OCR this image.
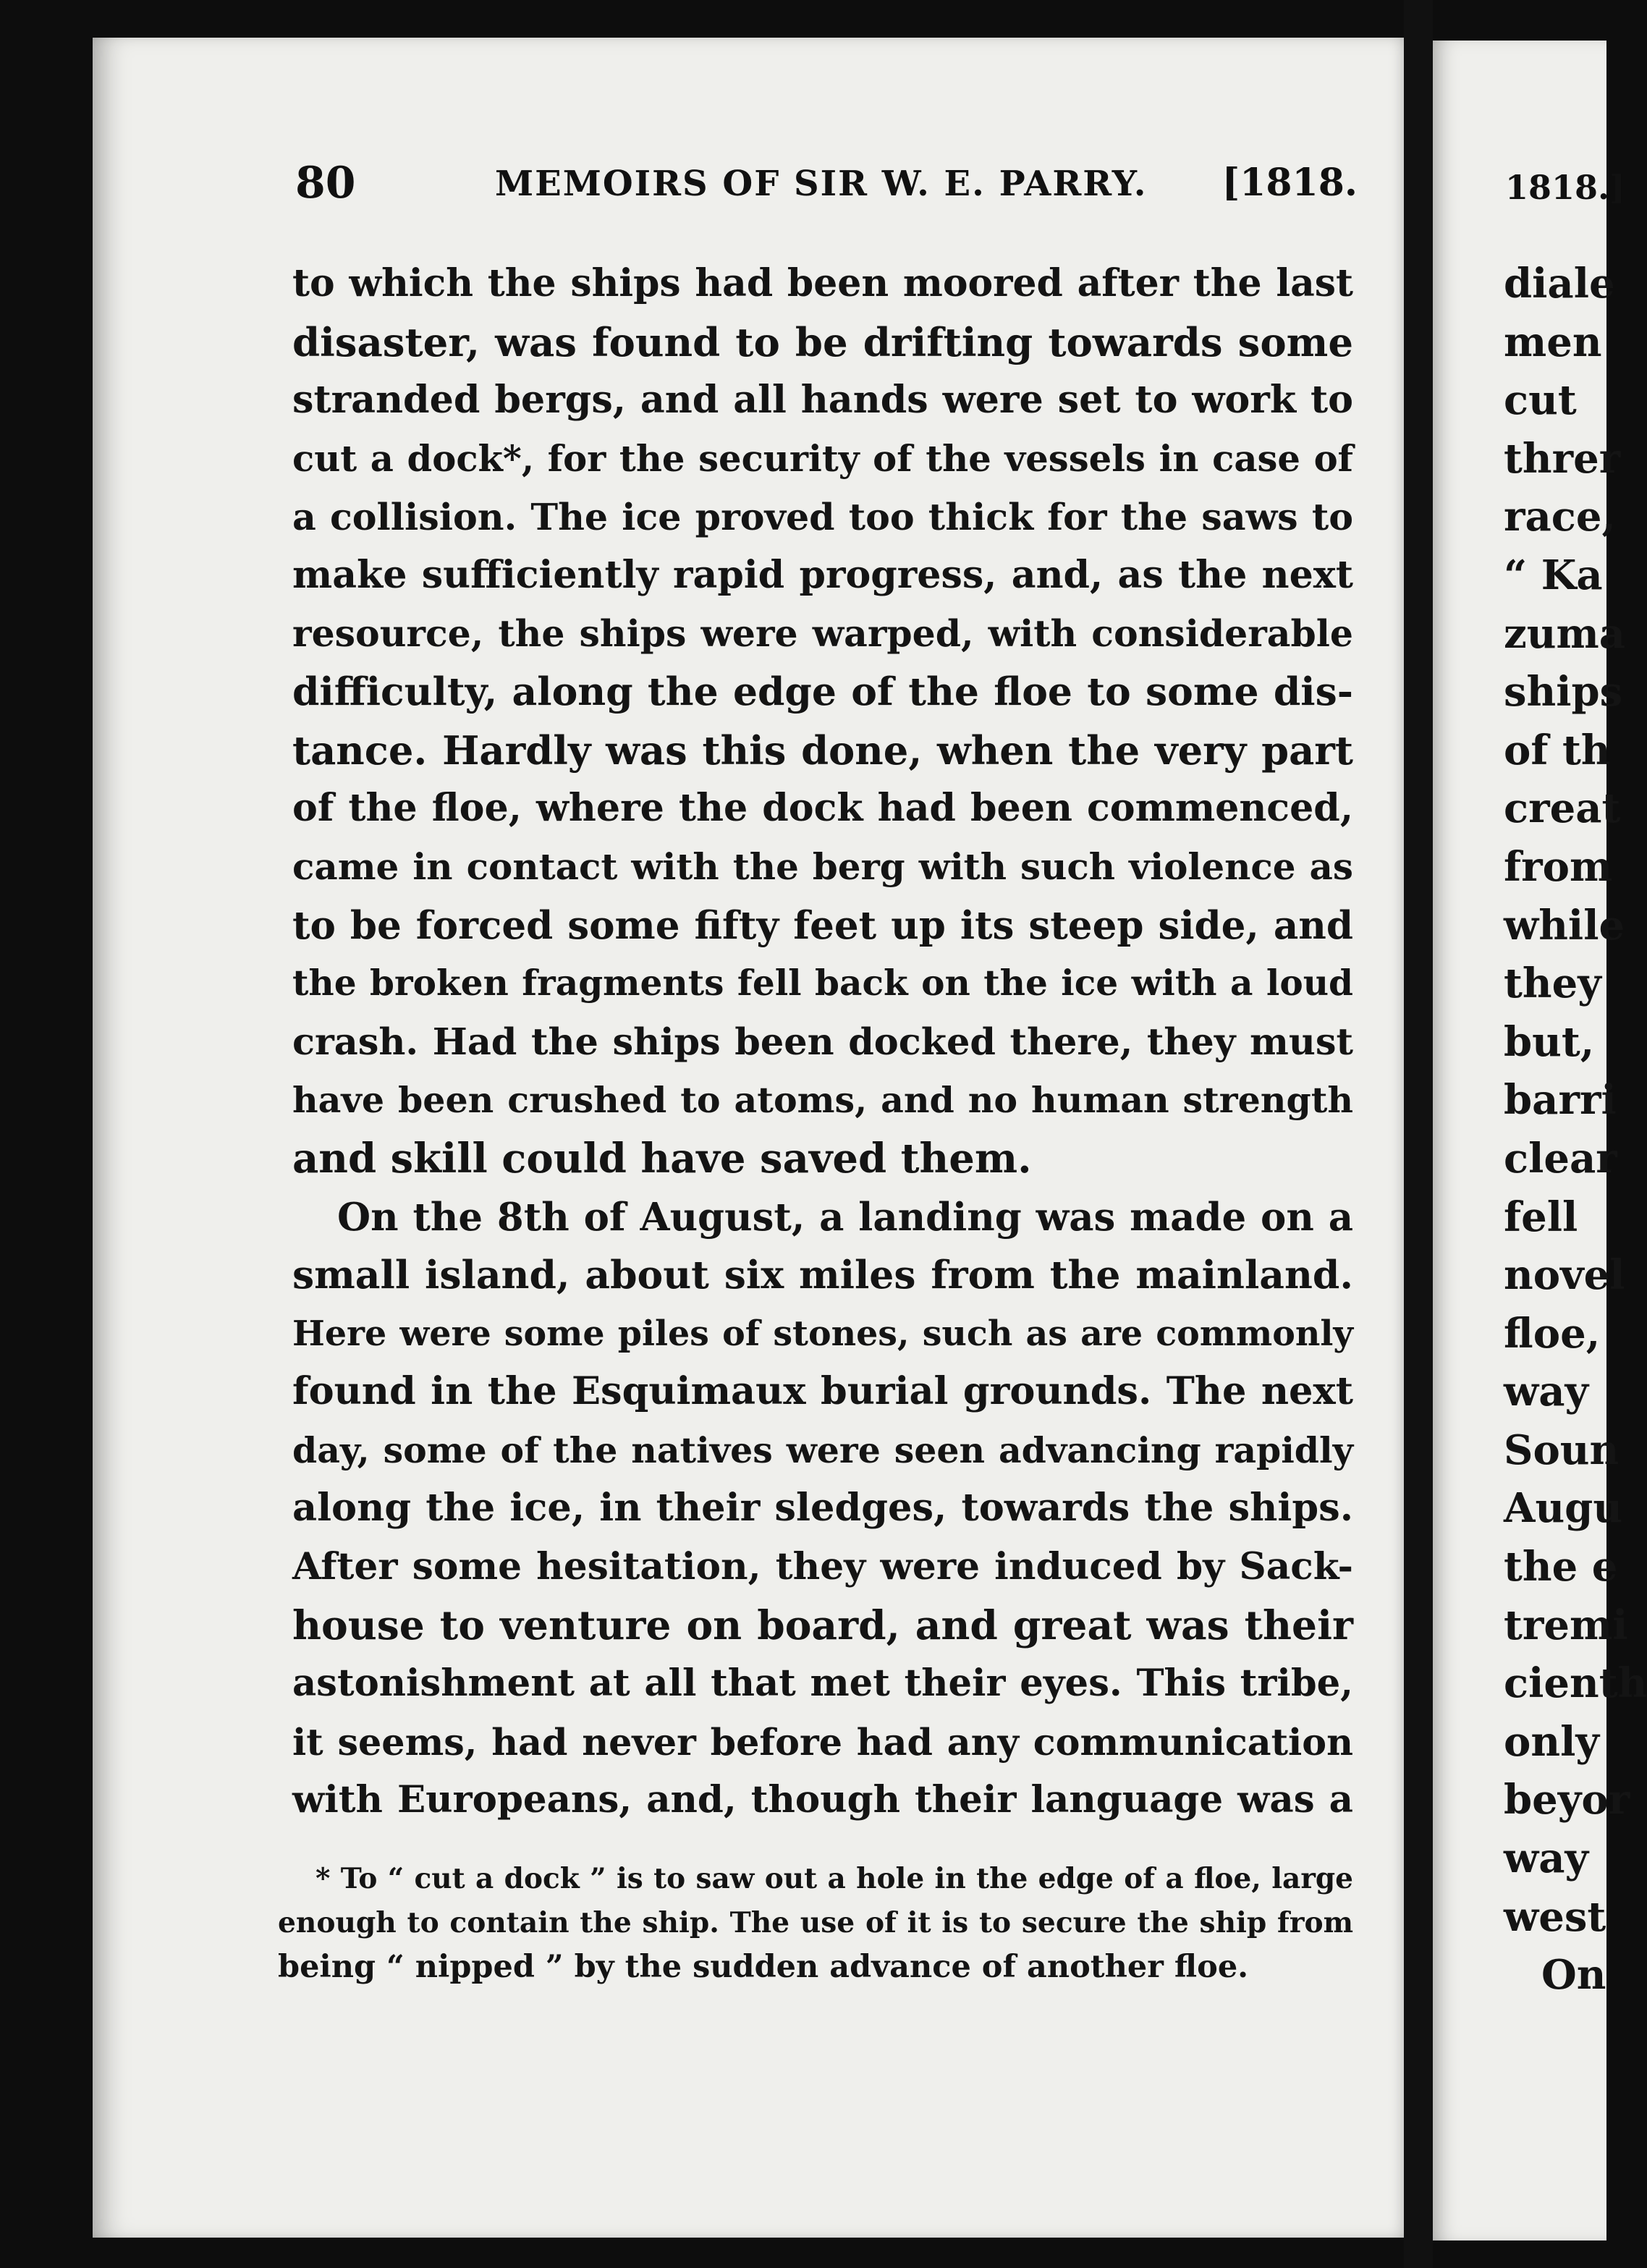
80	MEMOIRS OF SIR W. E. PARRY. [1818.
to which the ships had been moored after the last
disaster, was found to be drifting towards some
stranded bergs, and all hands were set to work to
cut a dock*, for the security of the vessels in case of
a collision. The ice proved too thick for the saws to
make sufficiently rapid progress, and, as the next
resource, the ships were warped, with considerable
difficulty, along the edge of the floe to some dis-
tance. Hardly was this done, when the very part
of the floe, where the dock had been commenced,
came in contact with the berg with such violence as
to be forced some fifty feet up its steep side, and
the broken fragments fell back on the ice with a loud
crash. Had the ships been docked there, they must
have been crushed to atoms, and no human strength
and skill could have saved them.
On the 8th of August, a landing was made on a
small island, about six miles from the mainland.
Here were some piles of stones, such as are commonly
found in the Esquimaux burial grounds. The next
day, some of the natives were seen advancing rapidly
along the ice, in their sledges, towards the ships.
After some hesitation, they were induced by Sack-
house to venture on board, and great was their
astonishment at all that met their eyes. This tribe,
it seems, had never before had any communication
with Europeans, and, though their language was a
* To “ cut a dock ” is to saw out a hole in the edge of a floe, large
enough to contain the ship. The use of it is to secure the ship from
being “ nipped ” by the sudden advance of another floe.
1818.]
diale
men
cut
threr
race,
“ Ka
zuma
ships
of th
creat
from
while
they
but,
barri
clear
fell
novel
floe,
way
Soun
Augu
the e
tremi
cienth
only
beyor
way
west
On
